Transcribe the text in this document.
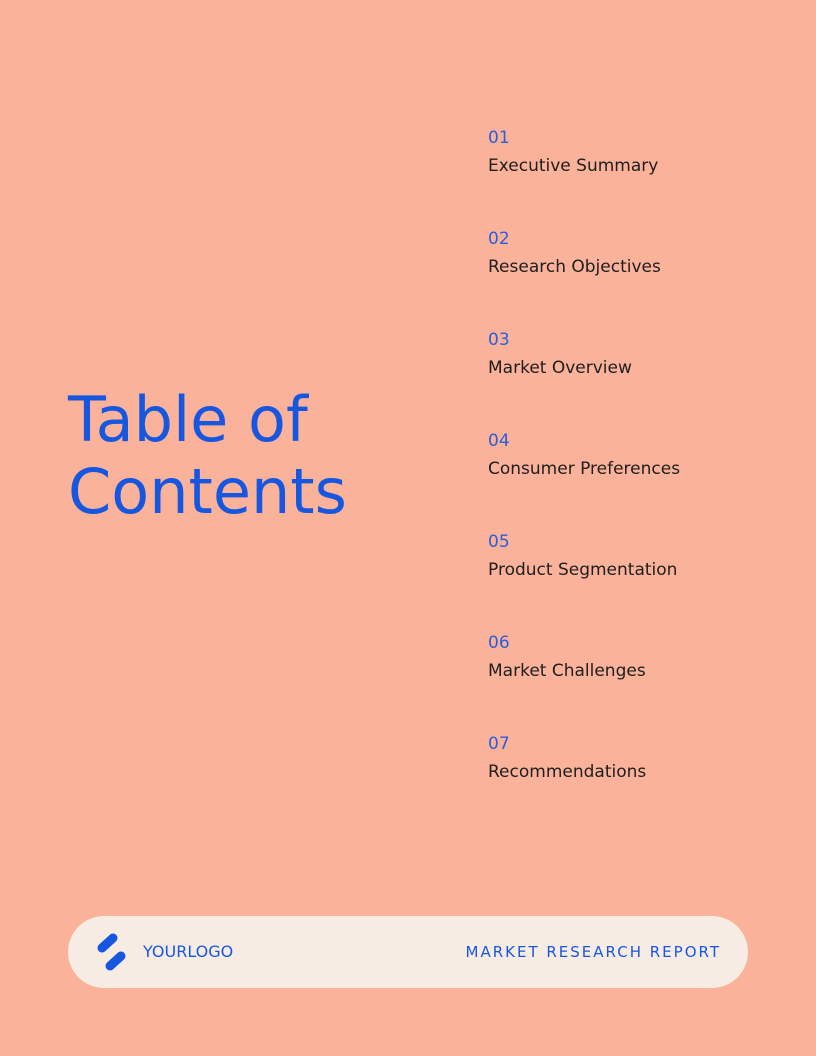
Table of
Contents
01
Executive Summary
02
Research Objectives
03
Market Overview
04
Consumer Preferences
05
Product Segmentation
06
Market Challenges
07
Recommendations
YOURLOGO	MARKET RESEARCH REPORT
